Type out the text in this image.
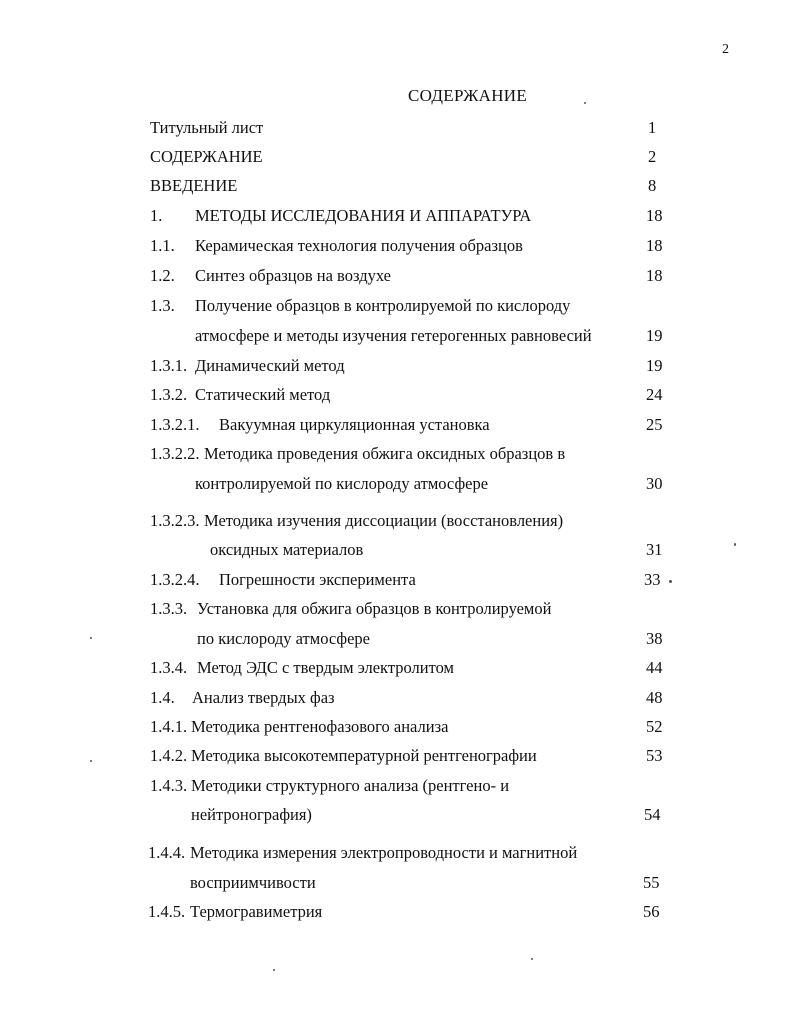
2
СОДЕРЖАНИЕ
Титульный лист	1
СОДЕРЖАНИЕ	2
ВВЕДЕНИЕ	8
1. МЕТОДЫ ИССЛЕДОВАНИЯ И АППАРАТУРА	18
1.1. Керамическая технология получения образцов	18
1.2. Синтез образцов на воздухе	18
1.3. Получение образцов в контролируемой по кислороду
атмосфере и методы изучения гетерогенных равновесий	19
1.3.1. Динамический метод	19
1.3.2. Статический метод	24
1.3.2.1. Вакуумная циркуляционная установка	25
1.3.2.2. Методика проведения обжига оксидных образцов в
контролируемой по кислороду атмосфере	30
1.3.2.3. Методика изучения диссоциации (восстановления)
оксидных материалов	31
1.3.2.4. Погрешности эксперимента	33
1.3.3. Установка для обжига образцов в контролируемой
по кислороду атмосфере	38
1.3.4. Метод ЭДС с твердым электролитом	44
1.4. Анализ твердых фаз	48
1.4.1. Методика рентгенофазового анализа	52
1.4.2. Методика высокотемпературной рентгенографии	53
1.4.3. Методики структурного анализа (рентгено- и
нейтронография)	54
1.4.4. Методика измерения электропроводности и магнитной
восприимчивости	55
1.4.5. Термогравиметрия	56
